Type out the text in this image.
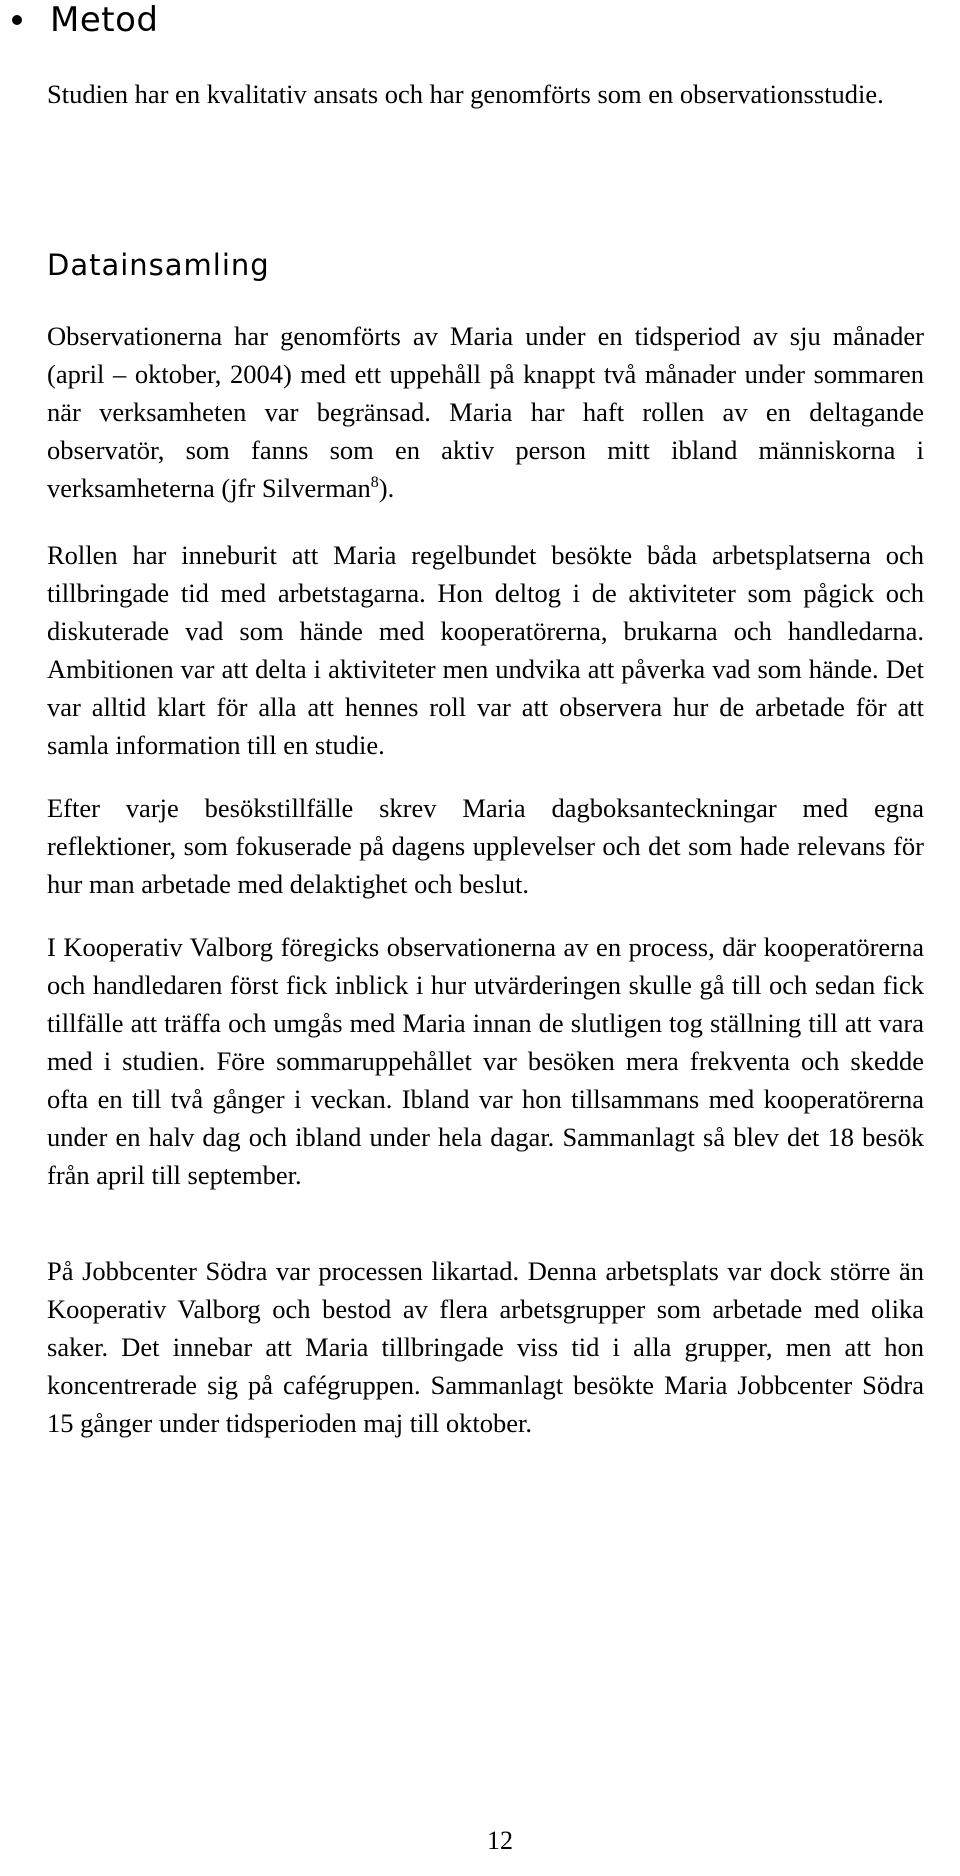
Metod

Studien har en kvalitativ ansats och har genomförts som en observationsstudie.

Datainsamling

Observationerna har genomförts av Maria under en tidsperiod av sju månader (april – oktober, 2004) med ett uppehåll på knappt två månader under sommaren när verksamheten var begränsad. Maria har haft rollen av en deltagande observatör, som fanns som en aktiv person mitt ibland människorna i verksamheterna (jfr Silverman$^8$).

Rollen har inneburit att Maria regelbundet besökte båda arbetsplatserna och tillbringade tid med arbetstagarna. Hon deltog i de aktiviteter som pågick och diskuterade vad som hände med kooperatörerna, brukarna och handledarna. Ambitionen var att delta i aktiviteter men undvika att påverka vad som hände. Det var alltid klart för alla att hennes roll var att observera hur de arbetade för att samla information till en studie.

Efter varje besökstillfälle skrev Maria dagboksanteckningar med egna reflektioner, som fokuserade på dagens upplevelser och det som hade relevans för hur man arbetade med delaktighet och beslut.

I Kooperativ Valborg föregicks observationerna av en process, där kooperatörerna och handledaren först fick inblick i hur utvärderingen skulle gå till och sedan fick tillfälle att träffa och umgås med Maria innan de slutligen tog ställning till att vara med i studien. Före sommaruppehållet var besöken mera frekventa och skedde ofta en till två gånger i veckan. Ibland var hon tillsammans med kooperatörerna under en halv dag och ibland under hela dagar. Sammanlagt så blev det 18 besök från april till september.

På Jobbcenter Södra var processen likartad. Denna arbetsplats var dock större än Kooperativ Valborg och bestod av flera arbetsgrupper som arbetade med olika saker. Det innebar att Maria tillbringade viss tid i alla grupper, men att hon koncentrerade sig på cafégruppen. Sammanlagt besökte Maria Jobbcenter Södra 15 gånger under tidsperioden maj till oktober.

12
